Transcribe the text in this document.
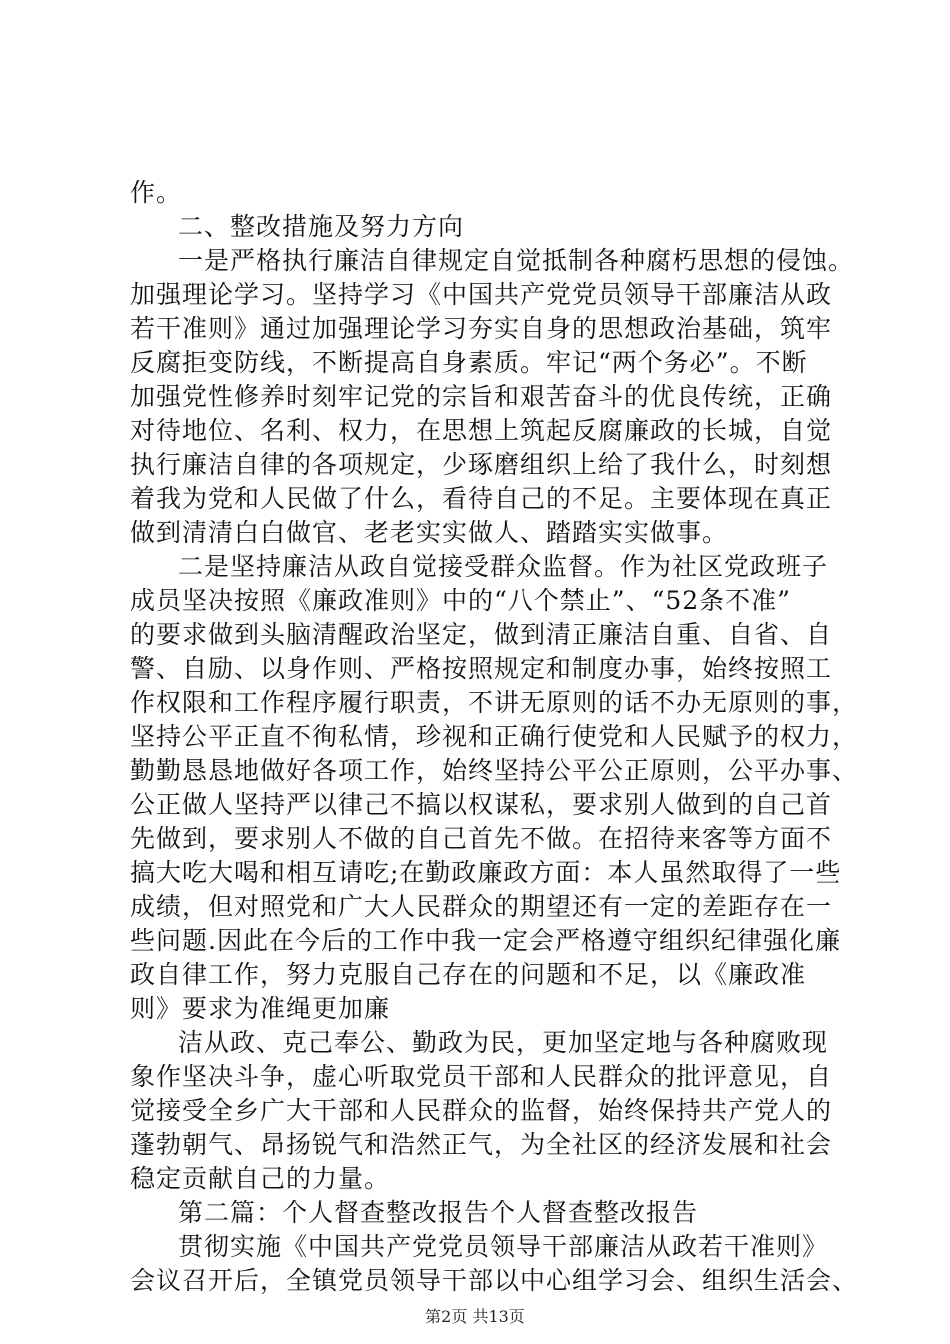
作。
二、整改措施及努力方向
一是严格执行廉洁自律规定自觉抵制各种腐朽思想的侵蚀。
加强理论学习。坚持学习《中国共产党党员领导干部廉洁从政
若干准则》通过加强理论学习夯实自身的思想政治基础，筑牢
反腐拒变防线，不断提高自身素质。牢记“两个务必”。不断
加强党性修养时刻牢记党的宗旨和艰苦奋斗的优良传统，正确
对待地位、名利、权力，在思想上筑起反腐廉政的长城，自觉
执行廉洁自律的各项规定，少琢磨组织上给了我什么，时刻想
着我为党和人民做了什么，看待自己的不足。主要体现在真正
做到清清白白做官、老老实实做人、踏踏实实做事。
二是坚持廉洁从政自觉接受群众监督。作为社区党政班子
成员坚决按照《廉政准则》中的“八个禁止”、“52条不准”
的要求做到头脑清醒政治坚定，做到清正廉洁自重、自省、自
警、自励、以身作则、严格按照规定和制度办事，始终按照工
作权限和工作程序履行职责，不讲无原则的话不办无原则的事，
坚持公平正直不徇私情，珍视和正确行使党和人民赋予的权力，
勤勤恳恳地做好各项工作，始终坚持公平公正原则，公平办事、
公正做人坚持严以律己不搞以权谋私，要求别人做到的自己首
先做到，要求别人不做的自己首先不做。在招待来客等方面不
搞大吃大喝和相互请吃;在勤政廉政方面：本人虽然取得了一些
成绩，但对照党和广大人民群众的期望还有一定的差距存在一
些问题.因此在今后的工作中我一定会严格遵守组织纪律强化廉
政自律工作，努力克服自己存在的问题和不足，以《廉政准
则》要求为准绳更加廉
洁从政、克己奉公、勤政为民，更加坚定地与各种腐败现
象作坚决斗争，虚心听取党员干部和人民群众的批评意见，自
觉接受全乡广大干部和人民群众的监督，始终保持共产党人的
蓬勃朝气、昂扬锐气和浩然正气，为全社区的经济发展和社会
稳定贡献自己的力量。
第二篇：个人督查整改报告个人督查整改报告
贯彻实施《中国共产党党员领导干部廉洁从政若干准则》
会议召开后，全镇党员领导干部以中心组学习会、组织生活会、
第2页 共13页
